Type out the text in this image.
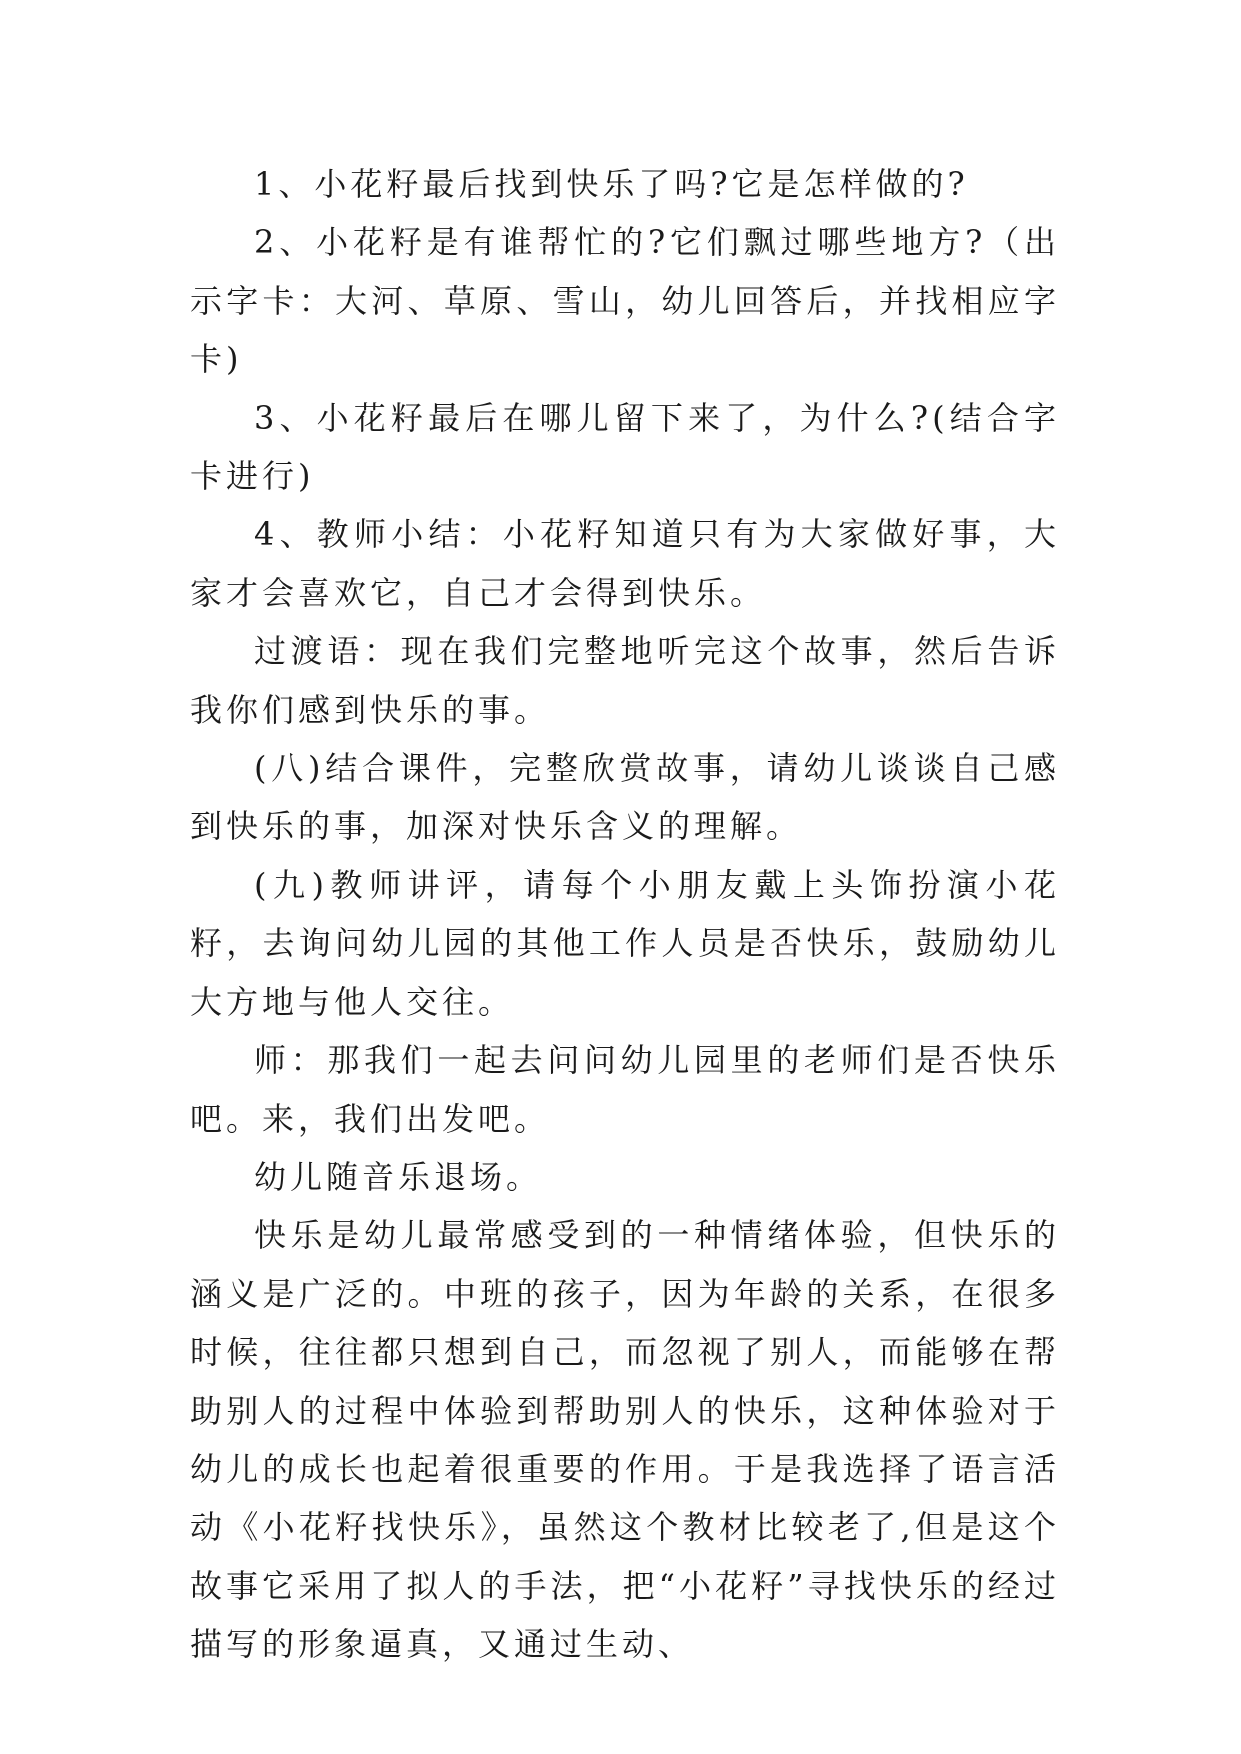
1、小花籽最后找到快乐了吗?它是怎样做的?

2、小花籽是有谁帮忙的?它们飘过哪些地方?（出示字卡：大河、草原、雪山，幼儿回答后，并找相应字卡)

3、小花籽最后在哪儿留下来了，为什么?(结合字卡进行)

4、教师小结：小花籽知道只有为大家做好事，大家才会喜欢它，自己才会得到快乐。

过渡语：现在我们完整地听完这个故事，然后告诉我你们感到快乐的事。

(八)结合课件，完整欣赏故事，请幼儿谈谈自己感到快乐的事，加深对快乐含义的理解。

(九)教师讲评，请每个小朋友戴上头饰扮演小花籽，去询问幼儿园的其他工作人员是否快乐，鼓励幼儿大方地与他人交往。

师：那我们一起去问问幼儿园里的老师们是否快乐吧。来，我们出发吧。

幼儿随音乐退场。

快乐是幼儿最常感受到的一种情绪体验，但快乐的涵义是广泛的。中班的孩子，因为年龄的关系，在很多时候，往往都只想到自己，而忽视了别人，而能够在帮助别人的过程中体验到帮助别人的快乐，这种体验对于幼儿的成长也起着很重要的作用。于是我选择了语言活动《小花籽找快乐》，虽然这个教材比较老了,但是这个故事它采用了拟人的手法，把“小花籽”寻找快乐的经过描写的形象逼真，又通过生动、
